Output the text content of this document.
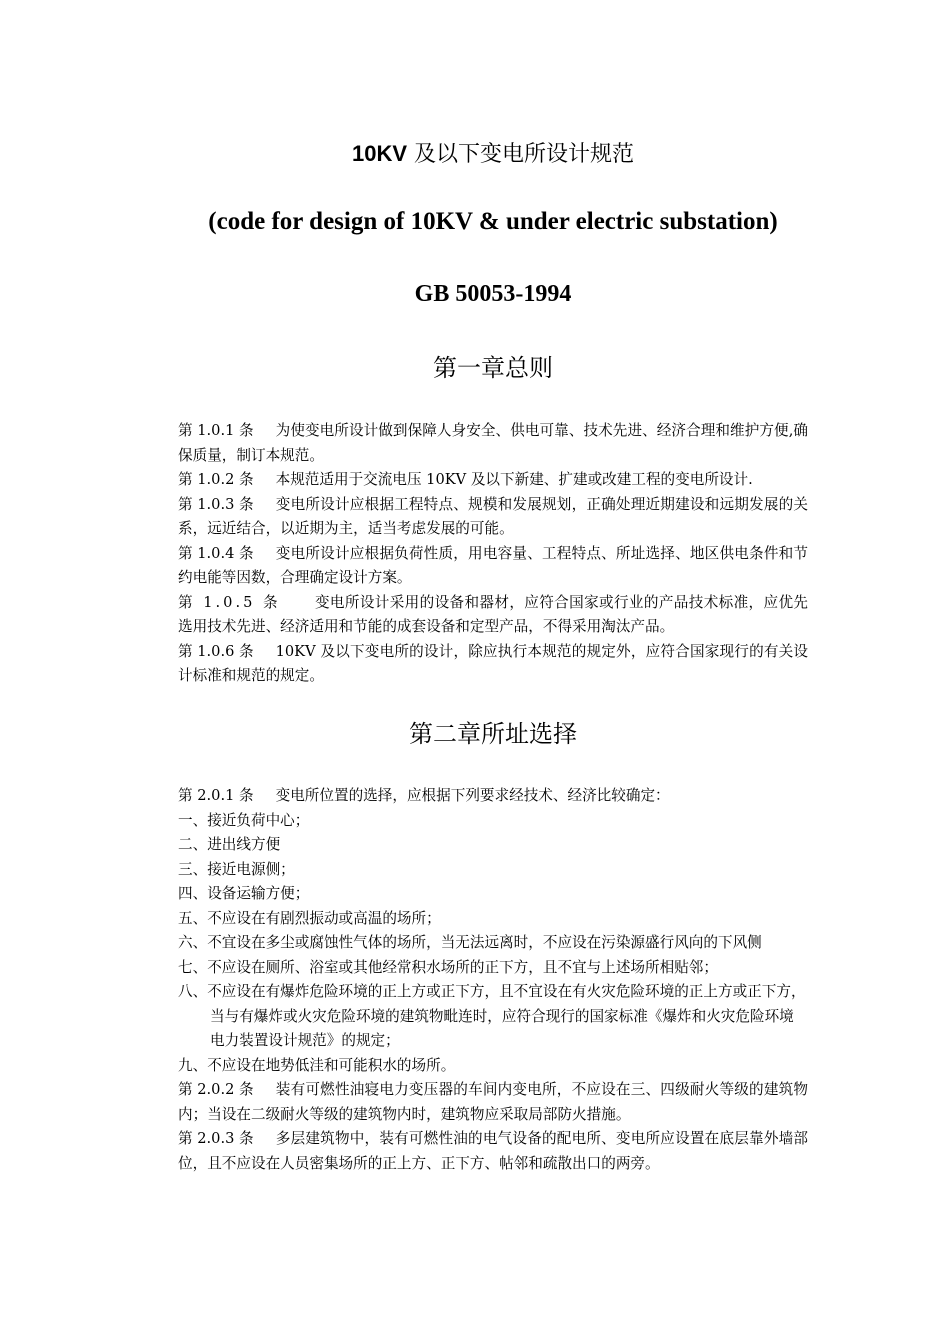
10KV 及以下变电所设计规范
(code for design of 10KV & under electric substation)
GB 50053-1994
第一章总则

第 1.0.1 条 为使变电所设计做到保障人身安全、供电可靠、技术先进、经济合理和维护方便,确保质量，制订本规范。

第 1.0.2 条 本规范适用于交流电压 10KV 及以下新建、扩建或改建工程的变电所设计.

第 1.0.3 条 变电所设计应根据工程特点、规模和发展规划，正确处理近期建设和远期发展的关系，远近结合，以近期为主，适当考虑发展的可能。

第 1.0.4 条 变电所设计应根据负荷性质，用电容量、工程特点、所址选择、地区供电条件和节约电能等因数，合理确定设计方案。

第 1.0.5 条 变电所设计采用的设备和器材，应符合国家或行业的产品技术标准，应优先选用技术先进、经济适用和节能的成套设备和定型产品，不得采用淘汰产品。

第 1.0.6 条 10KV 及以下变电所的设计，除应执行本规范的规定外，应符合国家现行的有关设计标准和规范的规定。

第二章所址选择

第 2.0.1 条 变电所位置的选择，应根据下列要求经技术、经济比较确定：

一、接近负荷中心；

二、进出线方便

三、接近电源侧；

四、设备运输方便；

五、不应设在有剧烈振动或高温的场所；

六、不宜设在多尘或腐蚀性气体的场所，当无法远离时，不应设在污染源盛行风向的下风侧

七、不应设在厕所、浴室或其他经常积水场所的正下方，且不宜与上述场所相贴邻；

八、不应设在有爆炸危险环境的正上方或正下方，且不宜设在有火灾危险环境的正上方或正下方，当与有爆炸或火灾危险环境的建筑物毗连时，应符合现行的国家标准《爆炸和火灾危险环境电力装置设计规范》的规定；

九、不应设在地势低洼和可能积水的场所。

第 2.0.2 条 装有可燃性油寝电力变压器的车间内变电所，不应设在三、四级耐火等级的建筑物内；当设在二级耐火等级的建筑物内时，建筑物应采取局部防火措施。

第 2.0.3 条 多层建筑物中，装有可燃性油的电气设备的配电所、变电所应设置在底层靠外墙部位，且不应设在人员密集场所的正上方、正下方、帖邻和疏散出口的两旁。
